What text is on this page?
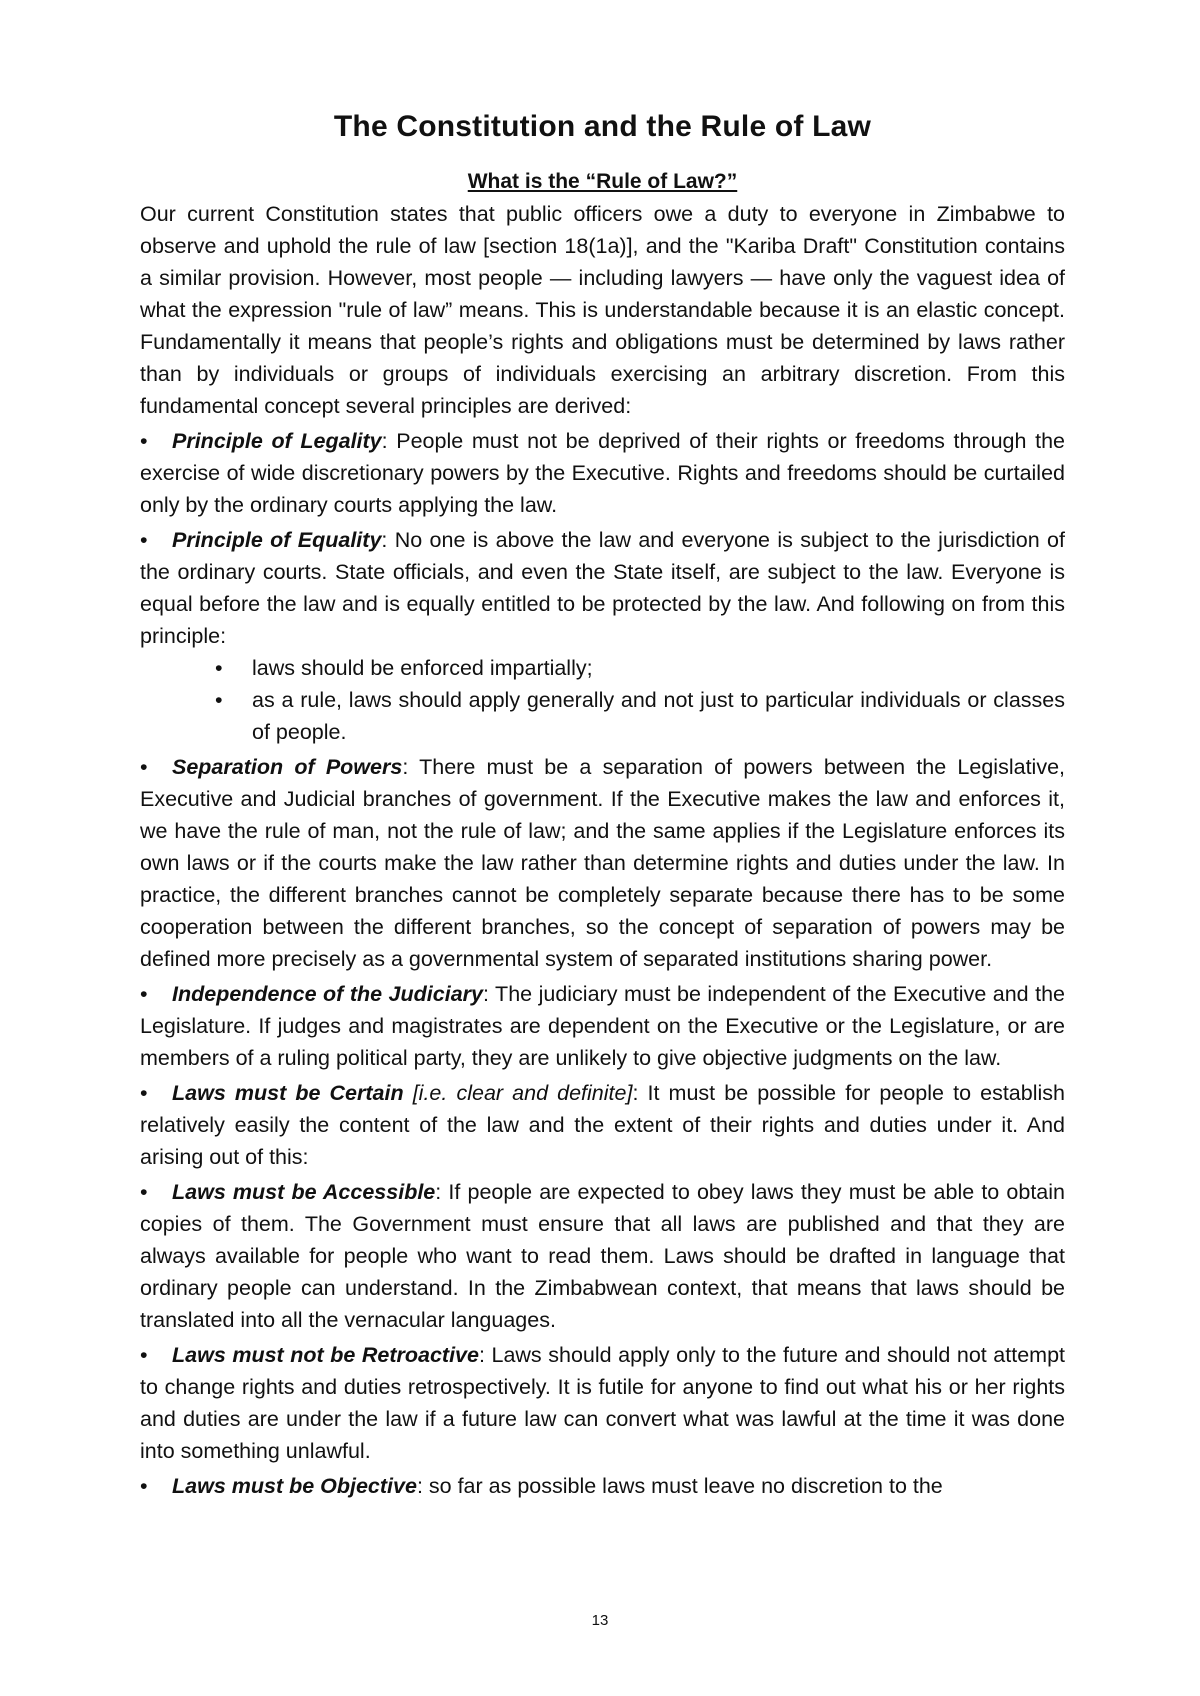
The Constitution and the Rule of Law
What is the “Rule of Law?”

Our current Constitution states that public officers owe a duty to everyone in Zimbabwe to observe and uphold the rule of law [section 18(1a)], and the "Kariba Draft" Constitution contains a similar provision. However, most people — including lawyers — have only the vaguest idea of what the expression "rule of law” means. This is understandable because it is an elastic concept. Fundamentally it means that people’s rights and obligations must be determined by laws rather than by individuals or groups of individuals exercising an arbitrary discretion. From this fundamental concept several principles are derived:

• Principle of Legality: People must not be deprived of their rights or freedoms through the exercise of wide discretionary powers by the Executive. Rights and freedoms should be curtailed only by the ordinary courts applying the law.

• Principle of Equality: No one is above the law and everyone is subject to the jurisdiction of the ordinary courts. State officials, and even the State itself, are subject to the law. Everyone is equal before the law and is equally entitled to be protected by the law. And following on from this principle:

• laws should be enforced impartially;
• as a rule, laws should apply generally and not just to particular individuals or classes of people.

• Separation of Powers: There must be a separation of powers between the Legislative, Executive and Judicial branches of government. If the Executive makes the law and enforces it, we have the rule of man, not the rule of law; and the same applies if the Legislature enforces its own laws or if the courts make the law rather than determine rights and duties under the law. In practice, the different branches cannot be completely separate because there has to be some cooperation between the different branches, so the concept of separation of powers may be defined more precisely as a governmental system of separated institutions sharing power.

• Independence of the Judiciary: The judiciary must be independent of the Executive and the Legislature. If judges and magistrates are dependent on the Executive or the Legislature, or are members of a ruling political party, they are unlikely to give objective judgments on the law.

• Laws must be Certain [i.e. clear and definite]: It must be possible for people to establish relatively easily the content of the law and the extent of their rights and duties under it. And arising out of this:

• Laws must be Accessible: If people are expected to obey laws they must be able to obtain copies of them. The Government must ensure that all laws are published and that they are always available for people who want to read them. Laws should be drafted in language that ordinary people can understand. In the Zimbabwean context, that means that laws should be translated into all the vernacular languages.

• Laws must not be Retroactive: Laws should apply only to the future and should not attempt to change rights and duties retrospectively. It is futile for anyone to find out what his or her rights and duties are under the law if a future law can convert what was lawful at the time it was done into something unlawful.

• Laws must be Objective: so far as possible laws must leave no discretion to the

13
